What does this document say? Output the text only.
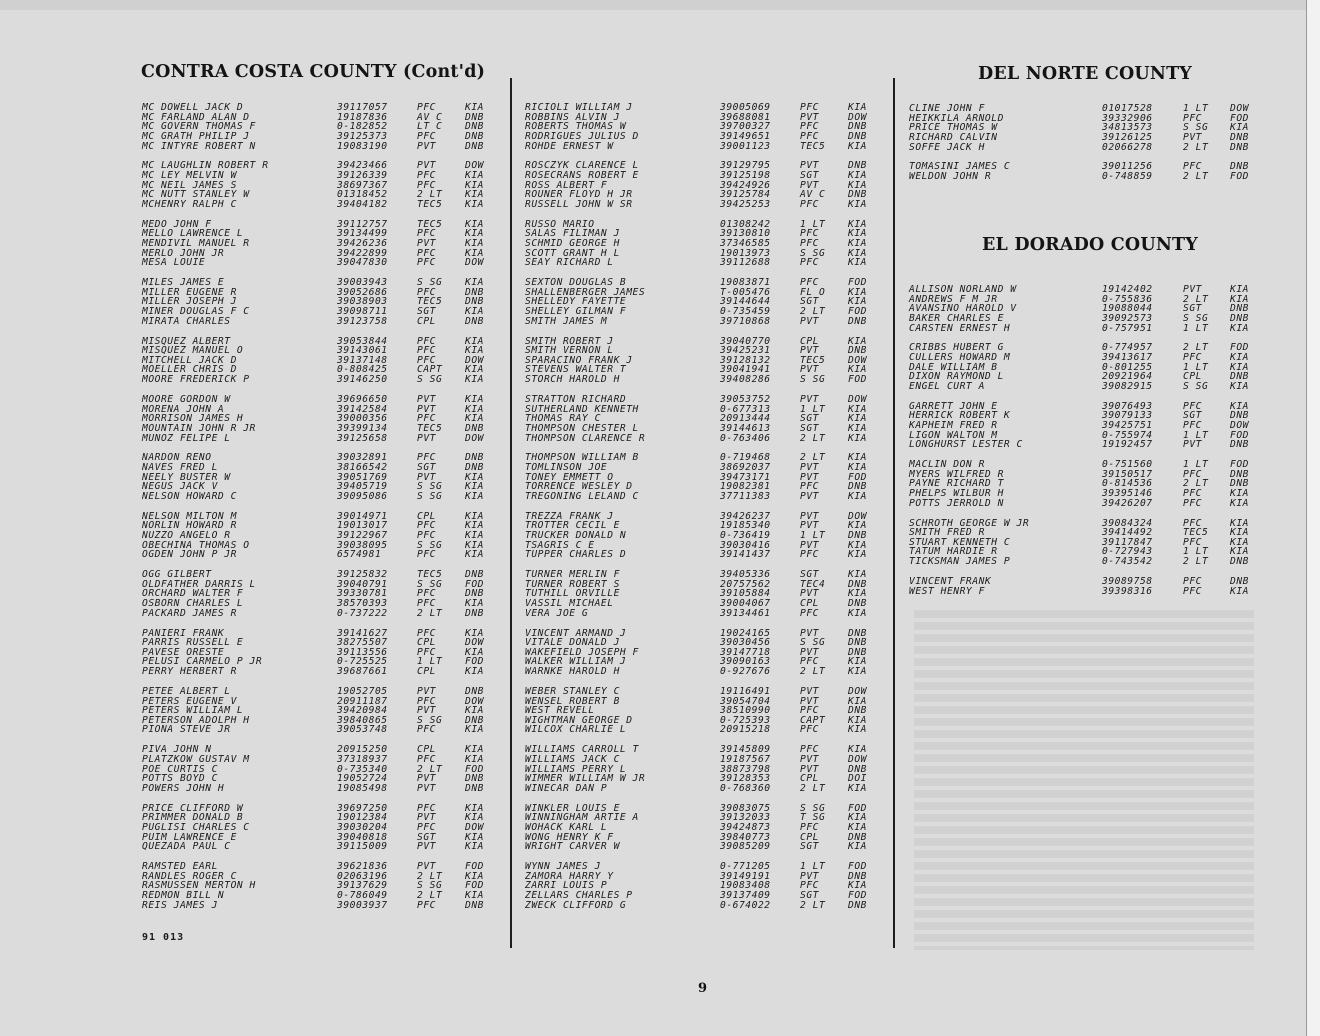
CONTRA COSTA COUNTY (Cont'd)	DEL NORTE COUNTY
EL DORADO COUNTY
MC DOWELL JACK D	39117057	PFC	KIA
MC FARLAND ALAN D	19187836	AV C DNB
MC GOVERN THOMAS F	0-182852	LT C DNB
MC GRATH PHILIP J	39125373	PFC	DNB
MC INTYRE ROBERT N	19083190	PVT	DNB
MC LAUGHLIN ROBERT R	39423466	PVT	DOW
MC LEY MELVIN W	39126339	PFC	KIA
MC NEIL JAMES S	38697367	PFC	KIA
MC NUTT STANLEY W	01318452	2 LT KIA
MCHENRY RALPH C	39404182	TEC5 KIA
MEDO JOHN F	39112757	TEC5 KIA
MELLO LAWRENCE L	39134499	PFC	KIA
MENDIVIL MANUEL R	39426236	PVT	KIA
MERLO JOHN JR	39422899	PFC	KIA
MESA LOUIE	39047830	PFC	DOW
MILES JAMES E	39003943	S SG KIA
MILLER EUGENE R	39052686	PFC	DNB
MILLER JOSEPH J	39038903	TEC5 DNB
MINER DOUGLAS F C	39098711	SGT	KIA
MIRATA CHARLES	39123758	CPL	DNB
MISQUEZ ALBERT	39053844	PFC	KIA
MISQUEZ MANUEL O	39143061	PFC	KIA
MITCHELL JACK D	39137148	PFC	DOW
MOELLER CHRIS D	0-808425	CAPT KIA
MOORE FREDERICK P	39146250	S SG KIA
MOORE GORDON W	39696650	PVT	KIA
MORENA JOHN A	39142584	PVT	KIA
MORRISON JAMES H	39000356	PFC	KIA
MOUNTAIN JOHN R JR	39399134	TEC5 DNB
MUNOZ FELIPE L	39125658	PVT	DOW
NARDON RENO	39032891	PFC	DNB
NAVES FRED L	38166542	SGT	DNB
NEELY BUSTER W	39051769	PVT	KIA
NEGUS JACK V	39405719	S SG KIA
NELSON HOWARD C	39095086	S SG KIA
NELSON MILTON M	39014971	CPL	KIA
NORLIN HOWARD R	19013017	PFC	KIA
NUZZO ANGELO R	39122967	PFC	KIA
OBECHINA THOMAS O	39038095	S SG KIA
OGDEN JOHN P JR	6574981	PFC	KIA
OGG GILBERT	39125832	TEC5 DNB
OLDFATHER DARRIS L	39040791	S SG FOD
ORCHARD WALTER F	39330781	PFC	DNB
OSBORN CHARLES L	38570393	PFC	KIA
PACKARD JAMES R	0-737222	2 LT DNB
PANIERI FRANK	39141627	PFC	KIA
PARRIS RUSSELL E	38275507	CPL	DOW
PAVESE ORESTE	39113556	PFC	KIA
PELUSI CARMELO P JR	0-725525	1 LT FOD
PERRY HERBERT R	39687661	CPL	KIA
PETEE ALBERT L	19052705	PVT	DNB
PETERS EUGENE V	20911187	PFC	DOW
PETERS WILLIAM L	39420984	PVT	KIA
PETERSON ADOLPH H	39840865	S SG DNB
PIONA STEVE JR	39053748	PFC	KIA
PIVA JOHN N	20915250	CPL	KIA
PLATZKOW GUSTAV M	37318937	PFC	KIA
POE CURTIS C	0-735340	2 LT FOD
POTTS BOYD C	19052724	PVT	DNB
POWERS JOHN H	19085498	PVT	DNB
PRICE CLIFFORD W	39697250	PFC	KIA
PRIMMER DONALD B	19012384	PVT	KIA
PUGLISI CHARLES C	39030204	PFC	DOW
PUIM LAWRENCE E	39040818	SGT	KIA
QUEZADA PAUL C	39115009	PVT	KIA
RAMSTED EARL	39621836	PVT	FOD
RANDLES ROGER C	02063196	2 LT KIA
RASMUSSEN MERTON H	39137629	S SG FOD
REDMON BILL N	0-786049	2 LT KIA
REIS JAMES J	39003937	PFC	DNB
RICIOLI WILLIAM J	39005069	PFC	KIA
ROBBINS ALVIN J	39688081	PVT	DOW
ROBERTS THOMAS W	39700327	PFC	DNB
RODRIGUES JULIUS D	39149651	PFC	DNB
ROHDE ERNEST W	39001123	TEC5 KIA
ROSCZYK CLARENCE L	39129795	PVT	DNB
ROSECRANS ROBERT E	39125198	SGT	KIA
ROSS ALBERT F	39424926	PVT	KIA
ROUNER FLOYD H JR	39125784	AV C DNB
RUSSELL JOHN W SR	39425253	PFC	KIA
RUSSO MARIO	01308242	1 LT KIA
SALAS FILIMAN J	39130810	PFC	KIA
SCHMID GEORGE H	37346585	PFC	KIA
SCOTT GRANT H L	19013973	S SG KIA
SEAY RICHARD L	39112688	PFC	KIA
SEXTON DOUGLAS B	19083871	PFC	FOD
SHALLENBERGER JAMES	T-005476	FL O KIA
SHELLEDY FAYETTE	39144644	SGT	KIA
SHELLEY GILMAN F	0-735459	2 LT FOD
SMITH JAMES M	39710868	PVT	DNB
SMITH ROBERT J	39040770	CPL	KIA
SMITH VERNON L	39425231	PVT	DNB
SPARACINO FRANK J	39128132	TEC5 DOW
STEVENS WALTER T	39041941	PVT	KIA
STORCH HAROLD H	39408286	S SG FOD
STRATTON RICHARD	39053752	PVT	DOW
SUTHERLAND KENNETH	0-677313	1 LT KIA
THOMAS RAY C	20913444	SGT	KIA
THOMPSON CHESTER L	39144613	SGT	KIA
THOMPSON CLARENCE R	0-763406	2 LT KIA
THOMPSON WILLIAM B	0-719468	2 LT KIA
TOMLINSON JOE	38692037	PVT	KIA
TONEY EMMETT O	39473171	PVT	FOD
TORRENCE WESLEY D	19082381	PFC	DNB
TREGONING LELAND C	37711383	PVT	KIA
TREZZA FRANK J	39426237	PVT	DOW
TROTTER CECIL E	19185340	PVT	KIA
TRUCKER DONALD N	0-736419	1 LT DNB
TSAGRIS C E	39030416	PVT	KIA
TUPPER CHARLES D	39141437	PFC	KIA
TURNER MERLIN F	39405336	SGT	KIA
TURNER ROBERT S	20757562	TEC4 DNB
TUTHILL ORVILLE	39105884	PVT	KIA
VASSIL MICHAEL	39004067	CPL	DNB
VERA JOE G	39134461	PFC	KIA
VINCENT ARMAND J	19024165	PVT	DNB
VITALE DONALD J	39030456	S SG DNB
WAKEFIELD JOSEPH F	39147718	PVT	DNB
WALKER WILLIAM J	39090163	PFC	KIA
WARNKE HAROLD H	0-927676	2 LT KIA
WEBER STANLEY C	19116491	PVT	DOW
WENSEL ROBERT B	39054704	PVT	KIA
WEST REVELL	38510990	PFC	DNB
WIGHTMAN GEORGE D	0-725393	CAPT KIA
WILCOX CHARLIE L	20915218	PFC	KIA
WILLIAMS CARROLL T	39145809	PFC	KIA
WILLIAMS JACK C	19187567	PVT	DOW
WILLIAMS PERRY L	38873798	PVT	DNB
WIMMER WILLIAM W JR	39128353	CPL	DOI
WINECAR DAN P	0-768360	2 LT KIA
WINKLER LOUIS E	39083075	S SG FOD
WINNINGHAM ARTIE A	39132033	T SG KIA
WOHACK KARL L	39424873	PFC	KIA
WONG HENRY K F	39840773	CPL	DNB
WRIGHT CARVER W	39085209	SGT	KIA
WYNN JAMES J	0-771205	1 LT FOD
ZAMORA HARRY Y	39149191	PVT	DNB
ZARRI LOUIS P	19083408	PFC	KIA
ZELLARS CHARLES P	39137409	SGT	FOD
ZWECK CLIFFORD G	0-674022	2 LT DNB
CLINE JOHN F	01017528	1 LT DOW
HEIKKILA ARNOLD	39332906	PFC	FOD
PRICE THOMAS W	34813573	S SG KIA
RICHARD CALVIN	39126125	PVT	DNB
SOFFE JACK H	02066278	2 LT DNB
TOMASINI JAMES C	39011256	PFC	DNB
WELDON JOHN R	0-748859	2 LT FOD
ALLISON NORLAND W	19142402	PVT	KIA
ANDREWS F M JR	0-755836	2 LT KIA
AVANSINO HAROLD V	19088044	SGT	DNB
BAKER CHARLES E	39092573	S SG DNB
CARSTEN ERNEST H	0-757951	1 LT KIA
CRIBBS HUBERT G	0-774957	2 LT FOD
CULLERS HOWARD M	39413617	PFC	KIA
DALE WILLIAM B	0-801255	1 LT KIA
DIXON RAYMOND L	20921964	CPL	DNB
ENGEL CURT A	39082915	S SG KIA
GARRETT JOHN E	39076493	PFC	KIA
HERRICK ROBERT K	39079133	SGT	DNB
KAPHEIM FRED R	39425751	PFC	DOW
LIGON WALTON M	0-755974	1 LT FOD
LONGHURST LESTER C	19192457	PVT	DNB
MACLIN DON R	0-751560	1 LT FOD
MYERS WILFRED R	39150517	PFC	DNB
PAYNE RICHARD T	0-814536	2 LT DNB
PHELPS WILBUR H	39395146	PFC	KIA
POTTS JERROLD N	39426207	PFC	KIA
SCHROTH GEORGE W JR	39084324	PFC	KIA
SMITH FRED R	39414492	TEC5 KIA
STUART KENNETH C	39117847	PFC	KIA
TATUM HARDIE R	0-727943	1 LT KIA
TICKSMAN JAMES P	0-743542	2 LT DNB
VINCENT FRANK	39089758	PFC	DNB
WEST HENRY F	39398316	PFC	KIA
91 013
9
